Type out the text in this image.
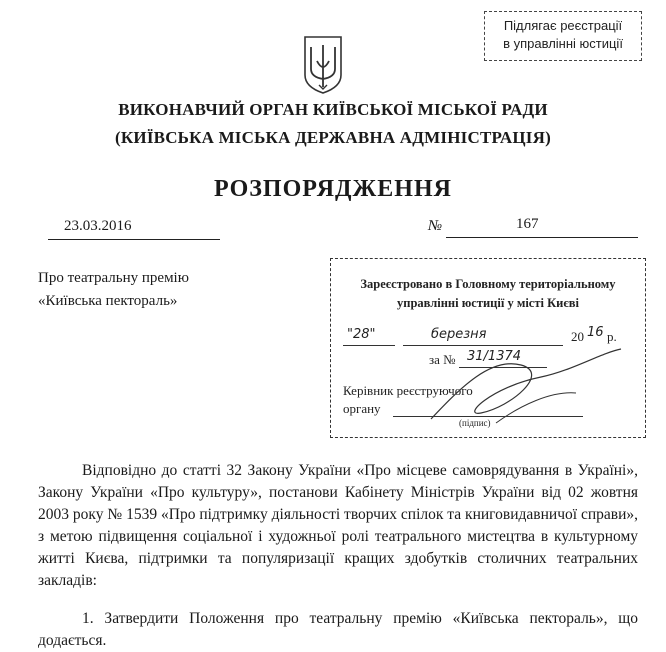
Підлягає реєстрації
в управлінні юстиції
ВИКОНАВЧИЙ ОРГАН КИЇВСЬКОЇ МІСЬКОЇ РАДИ
(КИЇВСЬКА МІСЬКА ДЕРЖАВНА АДМІНІСТРАЦІЯ)
РОЗПОРЯДЖЕННЯ
23.03.2016	№	167
Про театральну премію
«Київська пектораль»
Зареєстровано в Головному територіальному
управлінні юстиції у місті Києві
"28"	березня	20 16 р.
за № 31/1374
Керівник реєструючого
органу
(підпис)

Відповідно до статті 32 Закону України «Про місцеве самоврядування в Україні», Закону України «Про культуру», постанови Кабінету Міністрів України від 02 жовтня 2003 року № 1539 «Про підтримку діяльності творчих спілок та книговидавничої справи», з метою підвищення соціальної і художньої ролі театрального мистецтва в культурному житті Києва, підтримки та популяризації кращих здобутків столичних театральних закладів:

1. Затвердити Положення про театральну премію «Київська пектораль», що додається.
